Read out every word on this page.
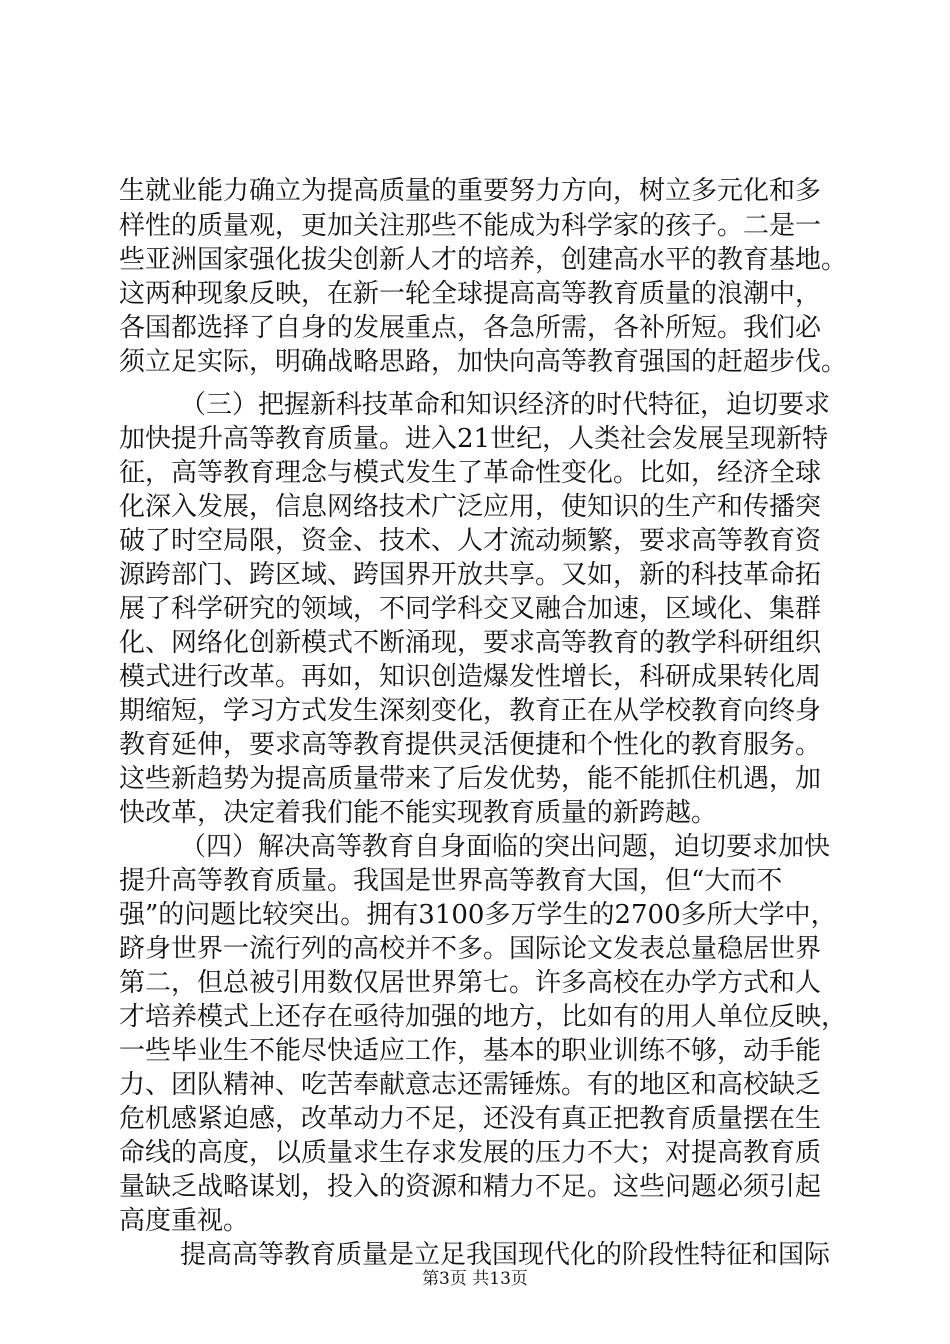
生就业能力确立为提高质量的重要努力方向，树立多元化和多
样性的质量观，更加关注那些不能成为科学家的孩子。二是一
些亚洲国家强化拔尖创新人才的培养，创建高水平的教育基地。
这两种现象反映，在新一轮全球提高高等教育质量的浪潮中，
各国都选择了自身的发展重点，各急所需，各补所短。我们必
须立足实际，明确战略思路，加快向高等教育强国的赶超步伐。
（三）把握新科技革命和知识经济的时代特征，迫切要求
加快提升高等教育质量。进入21世纪，人类社会发展呈现新特
征，高等教育理念与模式发生了革命性变化。比如，经济全球
化深入发展，信息网络技术广泛应用，使知识的生产和传播突
破了时空局限，资金、技术、人才流动频繁，要求高等教育资
源跨部门、跨区域、跨国界开放共享。又如，新的科技革命拓
展了科学研究的领域，不同学科交叉融合加速，区域化、集群
化、网络化创新模式不断涌现，要求高等教育的教学科研组织
模式进行改革。再如，知识创造爆发性增长，科研成果转化周
期缩短，学习方式发生深刻变化，教育正在从学校教育向终身
教育延伸，要求高等教育提供灵活便捷和个性化的教育服务。
这些新趋势为提高质量带来了后发优势，能不能抓住机遇，加
快改革，决定着我们能不能实现教育质量的新跨越。
（四）解决高等教育自身面临的突出问题，迫切要求加快
提升高等教育质量。我国是世界高等教育大国，但“大而不
强”的问题比较突出。拥有3100多万学生的2700多所大学中，
跻身世界一流行列的高校并不多。国际论文发表总量稳居世界
第二，但总被引用数仅居世界第七。许多高校在办学方式和人
才培养模式上还存在亟待加强的地方，比如有的用人单位反映，
一些毕业生不能尽快适应工作，基本的职业训练不够，动手能
力、团队精神、吃苦奉献意志还需锤炼。有的地区和高校缺乏
危机感紧迫感，改革动力不足，还没有真正把教育质量摆在生
命线的高度，以质量求生存求发展的压力不大；对提高教育质
量缺乏战略谋划，投入的资源和精力不足。这些问题必须引起
高度重视。
提高高等教育质量是立足我国现代化的阶段性特征和国际
第3页 共13页
